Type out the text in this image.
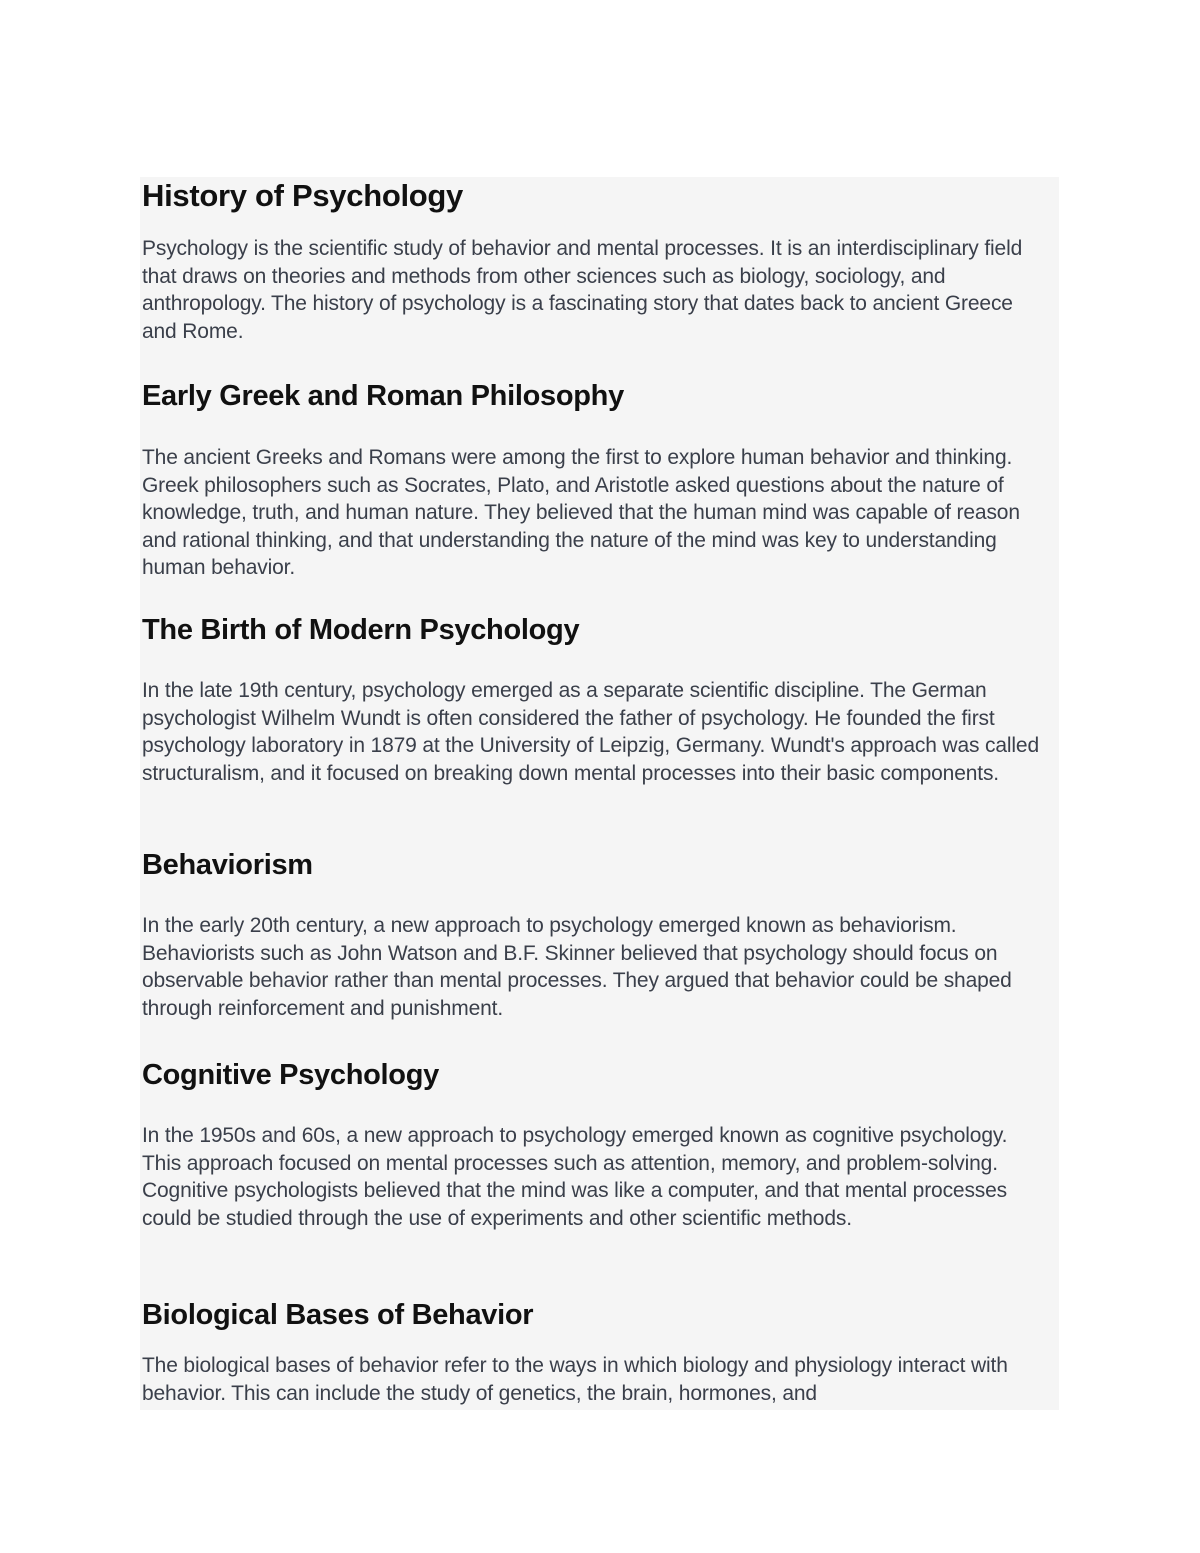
History of Psychology

Psychology is the scientific study of behavior and mental processes. It is an interdisciplinary field that draws on theories and methods from other sciences such as biology, sociology, and anthropology. The history of psychology is a fascinating story that dates back to ancient Greece and Rome.

Early Greek and Roman Philosophy

The ancient Greeks and Romans were among the first to explore human behavior and thinking. Greek philosophers such as Socrates, Plato, and Aristotle asked questions about the nature of knowledge, truth, and human nature. They believed that the human mind was capable of reason and rational thinking, and that understanding the nature of the mind was key to understanding human behavior.

The Birth of Modern Psychology

In the late 19th century, psychology emerged as a separate scientific discipline. The German psychologist Wilhelm Wundt is often considered the father of psychology. He founded the first psychology laboratory in 1879 at the University of Leipzig, Germany. Wundt's approach was called structuralism, and it focused on breaking down mental processes into their basic components.

Behaviorism

In the early 20th century, a new approach to psychology emerged known as behaviorism. Behaviorists such as John Watson and B.F. Skinner believed that psychology should focus on observable behavior rather than mental processes. They argued that behavior could be shaped through reinforcement and punishment.

Cognitive Psychology

In the 1950s and 60s, a new approach to psychology emerged known as cognitive psychology. This approach focused on mental processes such as attention, memory, and problem-solving. Cognitive psychologists believed that the mind was like a computer, and that mental processes could be studied through the use of experiments and other scientific methods.

Biological Bases of Behavior

The biological bases of behavior refer to the ways in which biology and physiology interact with behavior. This can include the study of genetics, the brain, hormones, and
